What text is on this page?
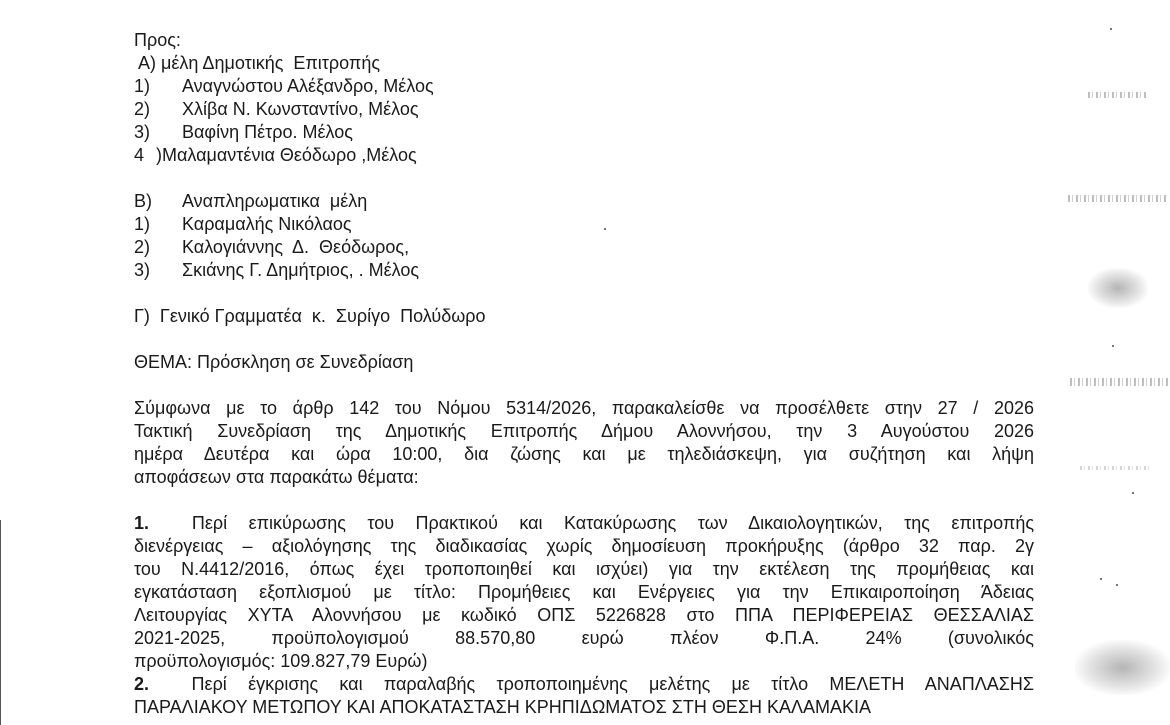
Προς:
Α) μέλη Δημοτικής  Επιτροπής
1) Αναγνώστου Αλέξανδρο, Μέλος
2) Χλίβα Ν. Κωνσταντίνο, Μέλος
3) Βαφίνη Πέτρο. Μέλος
4 )Μαλαμαντένια Θεόδωρο ,Μέλος
Β) Αναπληρωματικα  μέλη
1) Καραμαλής Νικόλαος
2) Καλογιάννης  Δ.  Θεόδωρος,
3) Σκιάνης Γ. Δημήτριος, . Μέλος
Γ)  Γενικό Γραμματέα  κ.  Συρίγο  Πολύδωρο
ΘΕΜΑ: Πρόσκληση σε Συνεδρίαση
Σύμφωνα με το άρθρ 142 του Νόμου 5314/2026, παρακαλείσθε να προσέλθετε στην 27 / 2026
Τακτική Συνεδρίαση της Δημοτικής Επιτροπής Δήμου Αλοννήσου, την 3 Αυγούστου 2026
ημέρα Δευτέρα και ώρα 10:00, δια ζώσης και με τηλεδιάσκεψη, για συζήτηση και λήψη
αποφάσεων στα παρακάτω θέματα:
1. Περί επικύρωσης του Πρακτικού και Κατακύρωσης των Δικαιολογητικών, της επιτροπής
διενέργειας – αξιολόγησης της διαδικασίας χωρίς δημοσίευση προκήρυξης (άρθρο 32 παρ. 2γ
του Ν.4412/2016, όπως έχει τροποποιηθεί και ισχύει) για την εκτέλεση της προμήθειας και
εγκατάσταση εξοπλισμού με τίτλο: Προμήθειες και Ενέργειες για την Επικαιροποίηση Άδειας
Λειτουργίας ΧΥΤΑ Αλοννήσου με κωδικό ΟΠΣ 5226828 στο ΠΠΑ ΠΕΡΙΦΕΡΕΙΑΣ ΘΕΣΣΑΛΙΑΣ
2021-2025, προϋπολογισμού 88.570,80 ευρώ πλέον Φ.Π.Α. 24% (συνολικός
προϋπολογισμός: 109.827,79 Ευρώ)
2. Περί έγκρισης και παραλαβής τροποποιημένης μελέτης με τίτλο ΜΕΛΕΤΗ ΑΝΑΠΛΑΣΗΣ
ΠΑΡΑΛΙΑΚΟΥ ΜΕΤΩΠΟΥ ΚΑΙ ΑΠΟΚΑΤΑΣΤΑΣΗ ΚΡΗΠΙΔΩΜΑΤΟΣ ΣΤΗ ΘΕΣΗ ΚΑΛΑΜΑΚΙΑ
